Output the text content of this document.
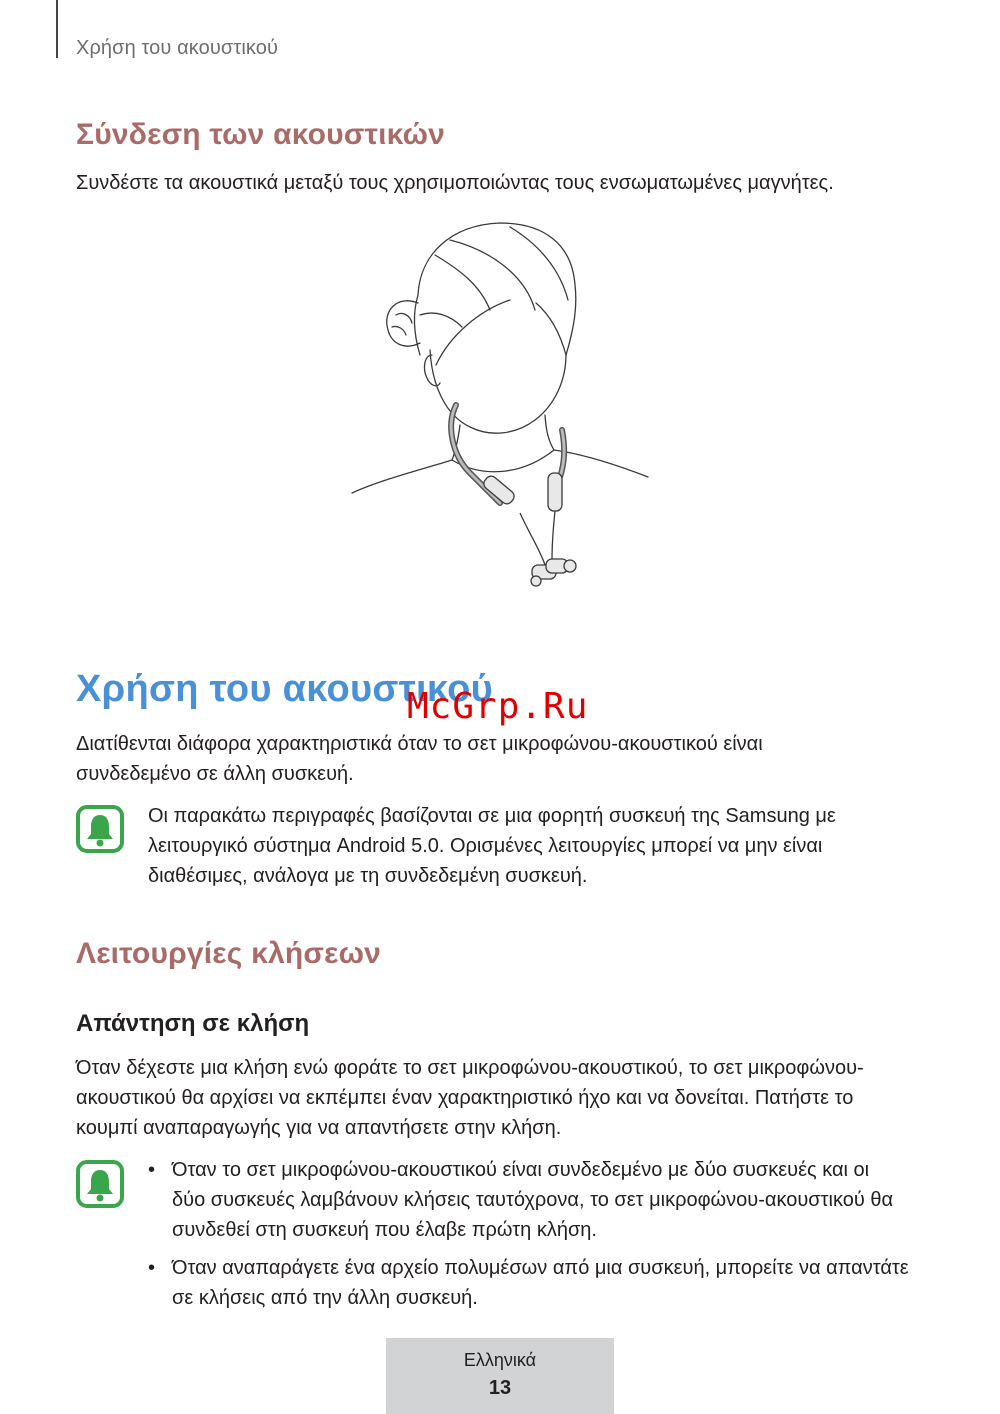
Χρήση του ακουστικού
Σύνδεση των ακουστικών

Συνδέστε τα ακουστικά μεταξύ τους χρησιμοποιώντας τους ενσωματωμένες μαγνήτες.

Χρήση του ακουστικού
McGrp.Ru

Διατίθενται διάφορα χαρακτηριστικά όταν το σετ μικροφώνου-ακουστικού είναι

συνδεδεμένο σε άλλη συσκευή.

Οι παρακάτω περιγραφές βασίζονται σε μια φορητή συσκευή της Samsung με

λειτουργικό σύστημα Android 5.0. Ορισμένες λειτουργίες μπορεί να μην είναι

διαθέσιμες, ανάλογα με τη συνδεδεμένη συσκευή.

Λειτουργίες κλήσεων
Απάντηση σε κλήση

Όταν δέχεστε μια κλήση ενώ φοράτε το σετ μικροφώνου-ακουστικού, το σετ μικροφώνου-

ακουστικού θα αρχίσει να εκπέμπει έναν χαρακτηριστικό ήχο και να δονείται. Πατήστε το

κουμπί αναπαραγωγής για να απαντήσετε στην κλήση.

• Όταν το σετ μικροφώνου-ακουστικού είναι συνδεδεμένο με δύο συσκευές και οι

δύο συσκευές λαμβάνουν κλήσεις ταυτόχρονα, το σετ μικροφώνου-ακουστικού θα

συνδεθεί στη συσκευή που έλαβε πρώτη κλήση.

• Όταν αναπαράγετε ένα αρχείο πολυμέσων από μια συσκευή, μπορείτε να απαντάτε

σε κλήσεις από την άλλη συσκευή.

Ελληνικά
13
